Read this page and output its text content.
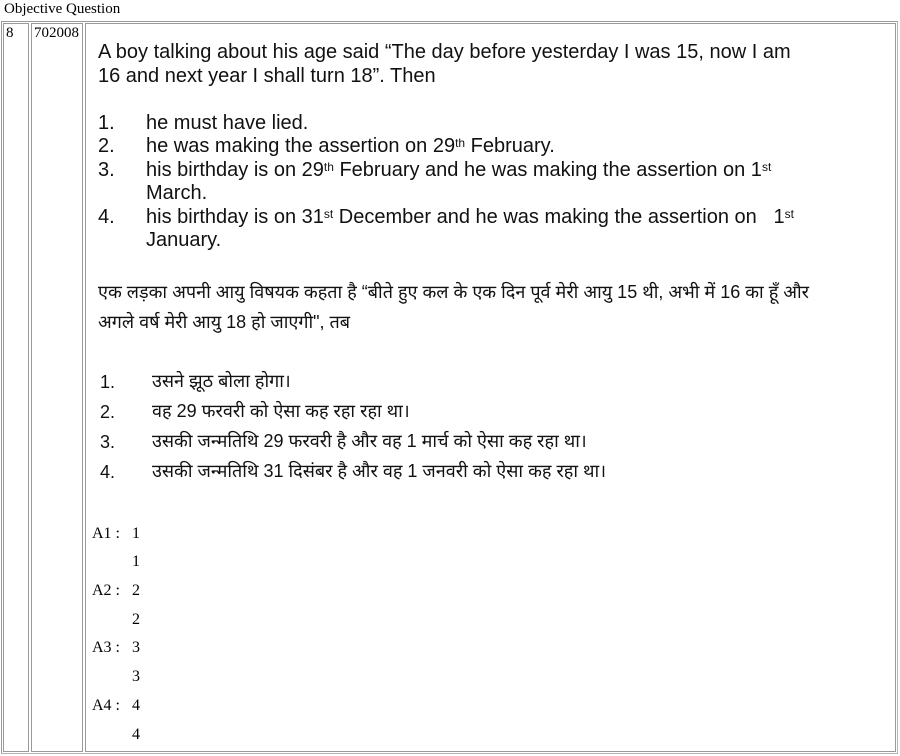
Objective Question
8 702008
A boy talking about his age said “The day before yesterday I was 15, now I am
16 and next year I shall turn 18”. Then
1. he must have lied.
2. he was making the assertion on 29th February.
3. his birthday is on 29th February and he was making the assertion on 1st
March.
4. his birthday is on 31st December and he was making the assertion on   1st
January.
एक लड़का अपनी आयु विषयक कहता है “बीते हुए कल के एक दिन पूर्व मेरी आयु 15 थी, अभी में 16 का हूँ और
अगले वर्ष मेरी आयु 18 हो जाएगी", तब
1. उसने झूठ बोला होगा।
2. वह 29 फरवरी को ऐसा कह रहा रहा था।
3. उसकी जन्मतिथि 29 फरवरी है और वह 1 मार्च को ऐसा कह रहा था।
4. उसकी जन्मतिथि 31 दिसंबर है और वह 1 जनवरी को ऐसा कह रहा था।
A1 : 1
1
A2 : 2
2
A3 : 3
3
A4 : 4
4
